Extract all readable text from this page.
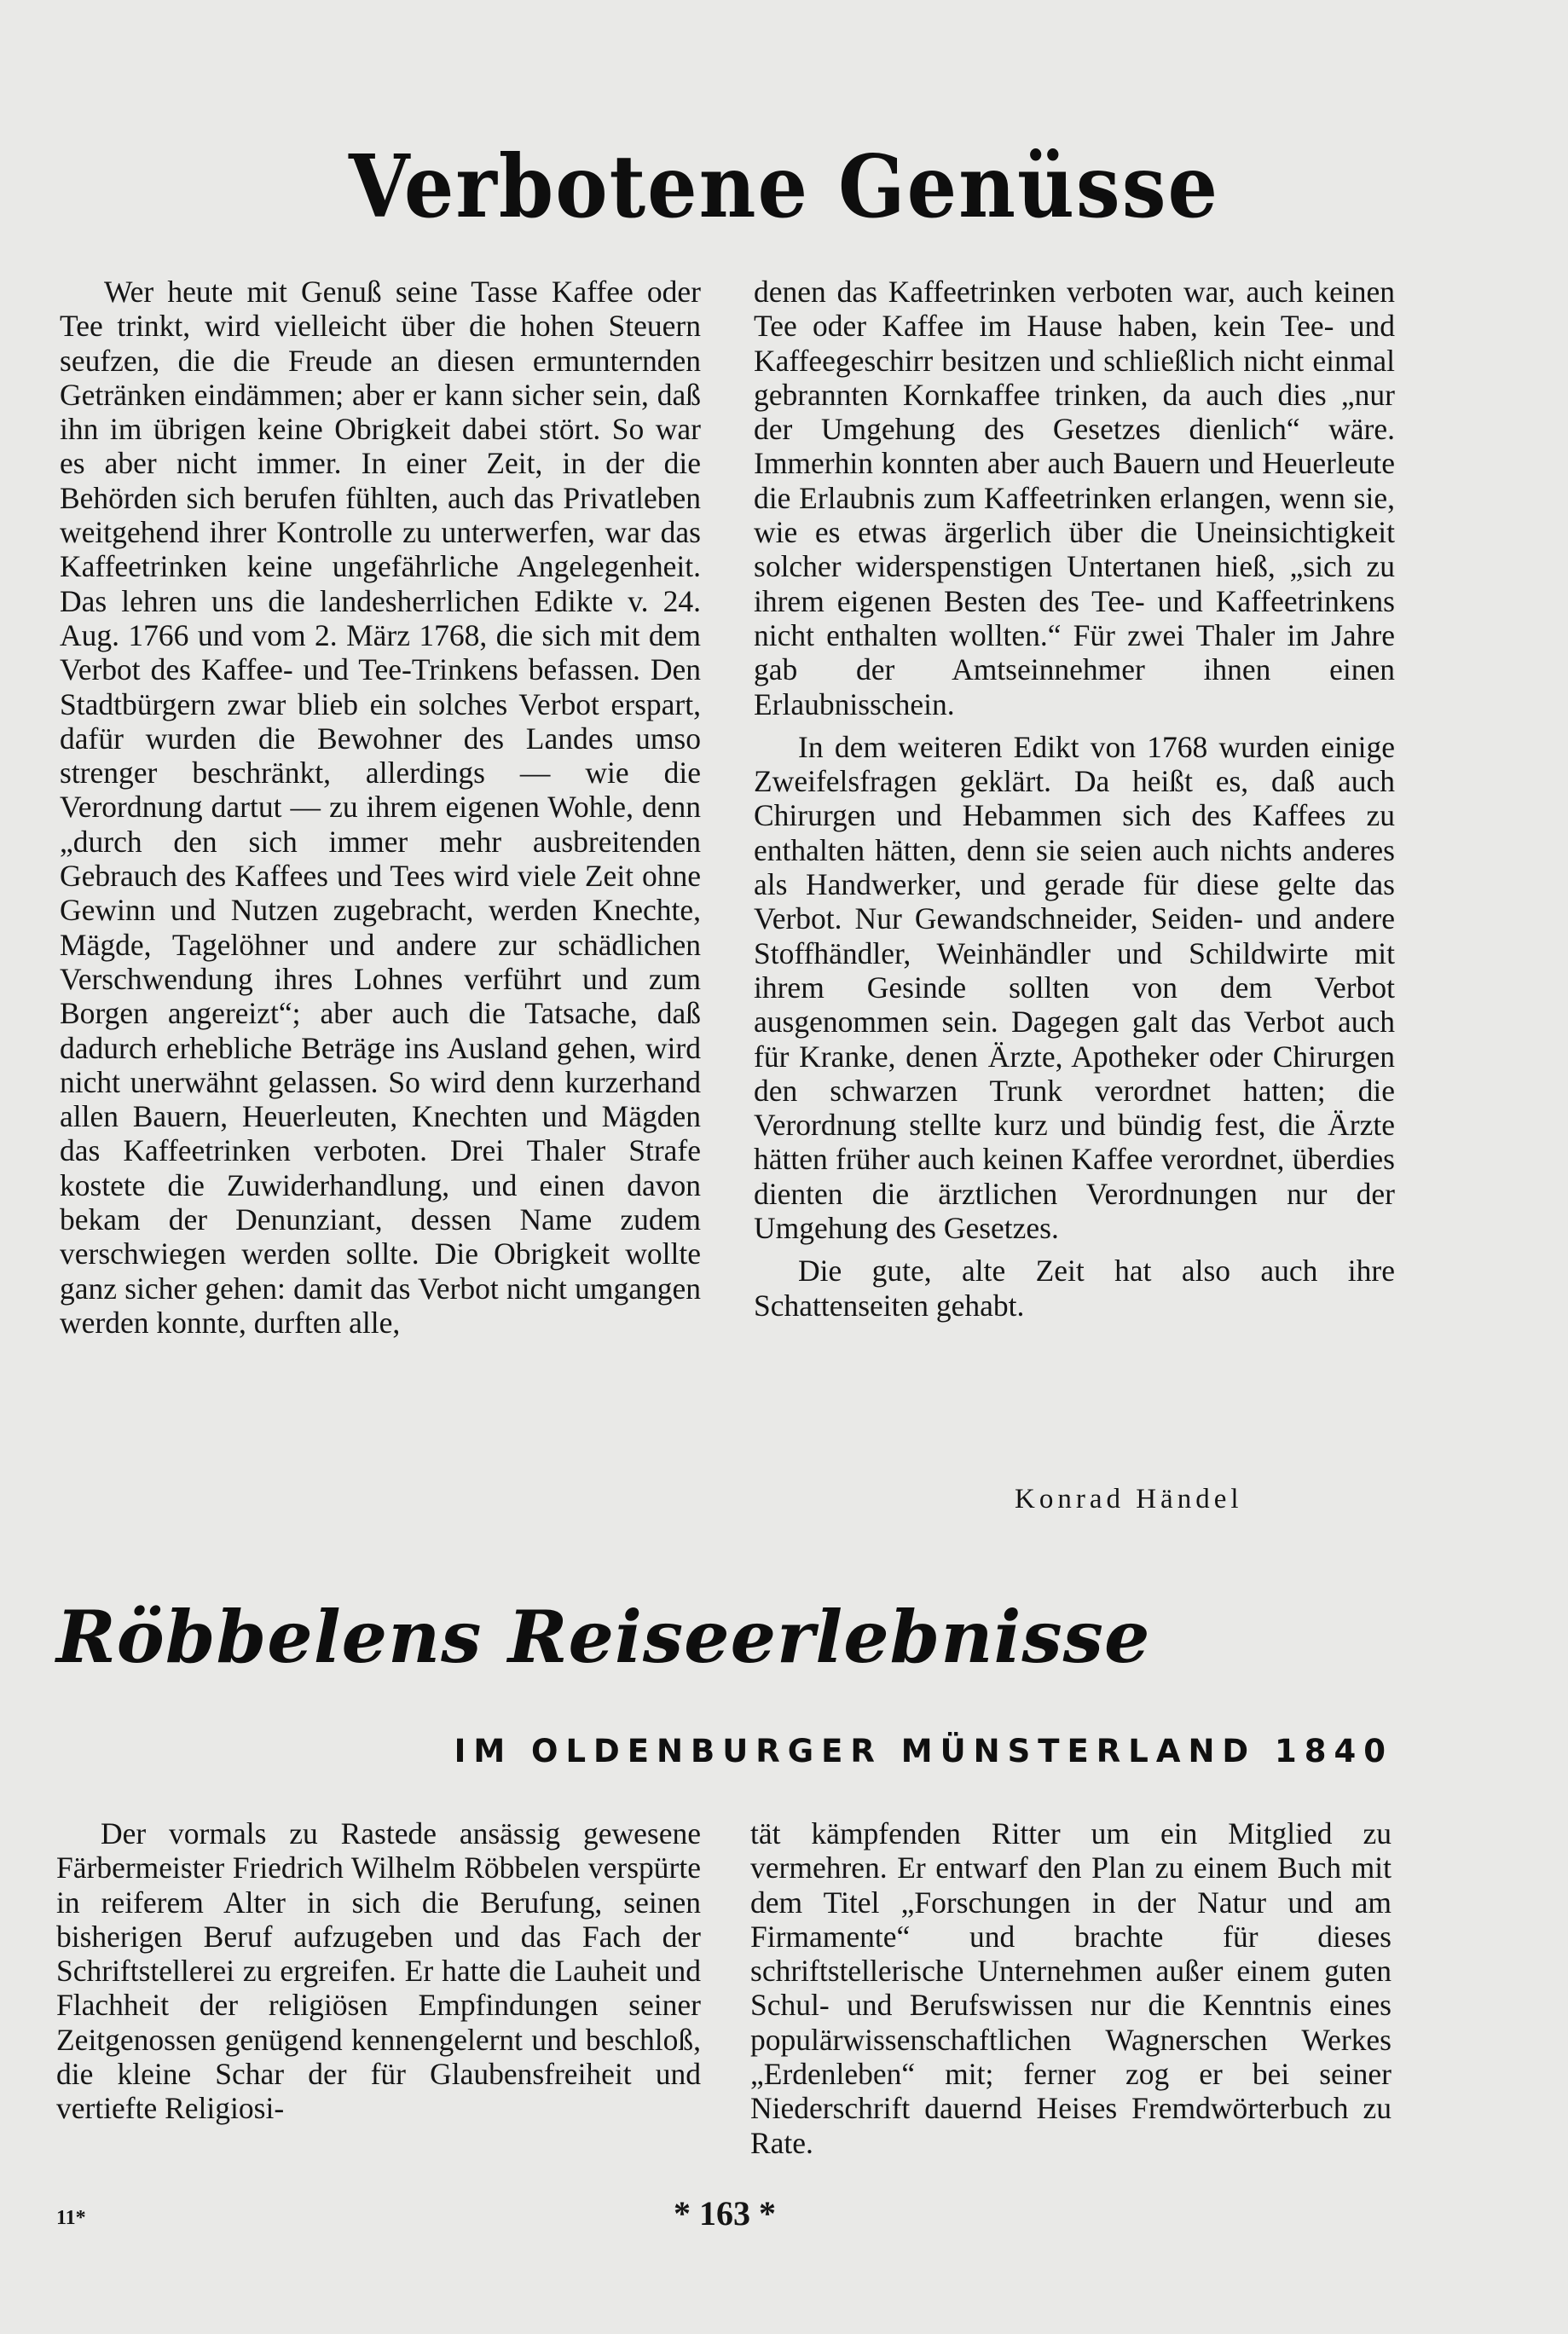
Verbotene Genüsse

Wer heute mit Genuß seine Tasse Kaffee oder Tee trinkt, wird vielleicht über die hohen Steuern seufzen, die die Freude an diesen ermunternden Getränken eindämmen; aber er kann sicher sein, daß ihn im übrigen keine Obrigkeit dabei stört. So war es aber nicht immer. In einer Zeit, in der die Behörden sich berufen fühlten, auch das Privatleben weitgehend ihrer Kontrolle zu unterwerfen, war das Kaffeetrinken keine ungefährliche Angelegenheit. Das lehren uns die landesherrlichen Edikte v. 24. Aug. 1766 und vom 2. März 1768, die sich mit dem Verbot des Kaffee- und Tee-Trinkens befassen. Den Stadtbürgern zwar blieb ein solches Verbot erspart, dafür wurden die Bewohner des Landes umso strenger beschränkt, allerdings — wie die Verordnung dartut — zu ihrem eigenen Wohle, denn „durch den sich immer mehr ausbreitenden Gebrauch des Kaffees und Tees wird viele Zeit ohne Gewinn und Nutzen zugebracht, werden Knechte, Mägde, Tagelöhner und andere zur schädlichen Verschwendung ihres Lohnes verführt und zum Borgen angereizt“; aber auch die Tatsache, daß dadurch erhebliche Beträge ins Ausland gehen, wird nicht unerwähnt gelassen. So wird denn kurzerhand allen Bauern, Heuerleuten, Knechten und Mägden das Kaffeetrinken verboten. Drei Thaler Strafe kostete die Zuwiderhandlung, und einen davon bekam der Denunziant, dessen Name zudem verschwiegen werden sollte. Die Obrigkeit wollte ganz sicher gehen: damit das Verbot nicht umgangen werden konnte, durften alle,

denen das Kaffeetrinken verboten war, auch keinen Tee oder Kaffee im Hause haben, kein Tee- und Kaffeegeschirr besitzen und schließlich nicht einmal gebrannten Kornkaffee trinken, da auch dies „nur der Umgehung des Gesetzes dienlich“ wäre. Immerhin konnten aber auch Bauern und Heuerleute die Erlaubnis zum Kaffeetrinken erlangen, wenn sie, wie es etwas ärgerlich über die Uneinsichtigkeit solcher widerspenstigen Untertanen hieß, „sich zu ihrem eigenen Besten des Tee- und Kaffeetrinkens nicht enthalten wollten.“ Für zwei Thaler im Jahre gab der Amtseinnehmer ihnen einen Erlaubnisschein.

In dem weiteren Edikt von 1768 wurden einige Zweifelsfragen geklärt. Da heißt es, daß auch Chirurgen und Hebammen sich des Kaffees zu enthalten hätten, denn sie seien auch nichts anderes als Handwerker, und gerade für diese gelte das Verbot. Nur Gewandschneider, Seiden- und andere Stoffhändler, Weinhändler und Schildwirte mit ihrem Gesinde sollten von dem Verbot ausgenommen sein. Dagegen galt das Verbot auch für Kranke, denen Ärzte, Apotheker oder Chirurgen den schwarzen Trunk verordnet hatten; die Verordnung stellte kurz und bündig fest, die Ärzte hätten früher auch keinen Kaffee verordnet, überdies dienten die ärztlichen Verordnungen nur der Umgehung des Gesetzes.

Die gute, alte Zeit hat also auch ihre Schattenseiten gehabt.

Konrad Händel
Röbbelens Reiseerlebnisse
IM OLDENBURGER MÜNSTERLAND 1840

Der vormals zu Rastede ansässig gewesene Färbermeister Friedrich Wilhelm Röbbelen verspürte in reiferem Alter in sich die Berufung, seinen bisherigen Beruf aufzugeben und das Fach der Schriftstellerei zu ergreifen. Er hatte die Lauheit und Flachheit der religiösen Empfindungen seiner Zeitgenossen genügend kennengelernt und beschloß, die kleine Schar der für Glaubensfreiheit und vertiefte Religiosi-

tät kämpfenden Ritter um ein Mitglied zu vermehren. Er entwarf den Plan zu einem Buch mit dem Titel „Forschungen in der Natur und am Firmamente“ und brachte für dieses schriftstellerische Unternehmen außer einem guten Schul- und Berufswissen nur die Kenntnis eines populärwissenschaftlichen Wagnerschen Werkes „Erdenleben“ mit; ferner zog er bei seiner Niederschrift dauernd Heises Fremdwörterbuch zu Rate.

11*	* 163 *
